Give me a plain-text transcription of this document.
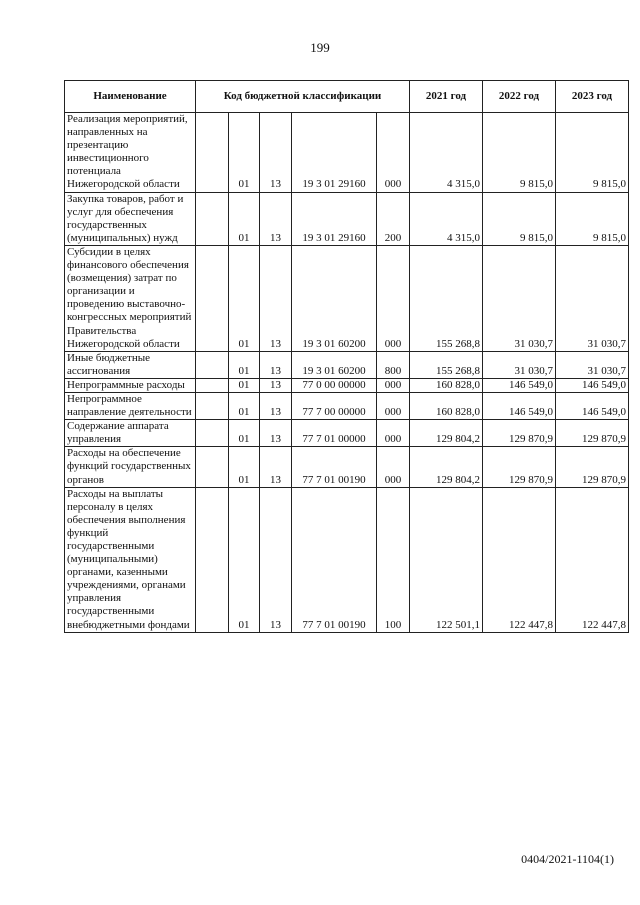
199
Наименование	Код бюджетной классификации					2021 год	2022 год	2023 год
Реализация мероприятий, направленных на презентацию инвестиционного потенциала Нижегородской области		01	13	19 3 01 29160	000	4 315,0	9 815,0	9 815,0
Закупка товаров, работ и услуг для обеспечения государственных (муниципальных) нужд		01	13	19 3 01 29160	200	4 315,0	9 815,0	9 815,0
Субсидии в целях финансового обеспечения (возмещения) затрат по организации и проведению выставочно-конгрессных мероприятий Правительства Нижегородской области		01	13	19 3 01 60200	000	155 268,8	31 030,7	31 030,7
Иные бюджетные ассигнования		01	13	19 3 01 60200	800	155 268,8	31 030,7	31 030,7
Непрограммные расходы		01	13	77 0 00 00000	000	160 828,0	146 549,0	146 549,0
Непрограммное направление деятельности		01	13	77 7 00 00000	000	160 828,0	146 549,0	146 549,0
Содержание аппарата управления		01	13	77 7 01 00000	000	129 804,2	129 870,9	129 870,9
Расходы на обеспечение функций государственных органов		01	13	77 7 01 00190	000	129 804,2	129 870,9	129 870,9
Расходы на выплаты персоналу в целях обеспечения выполнения функций государственными (муниципальными) органами, казенными учреждениями, органами управления государственными внебюджетными фондами		01	13	77 7 01 00190	100	122 501,1	122 447,8	122 447,8
0404/2021-1104(1)
